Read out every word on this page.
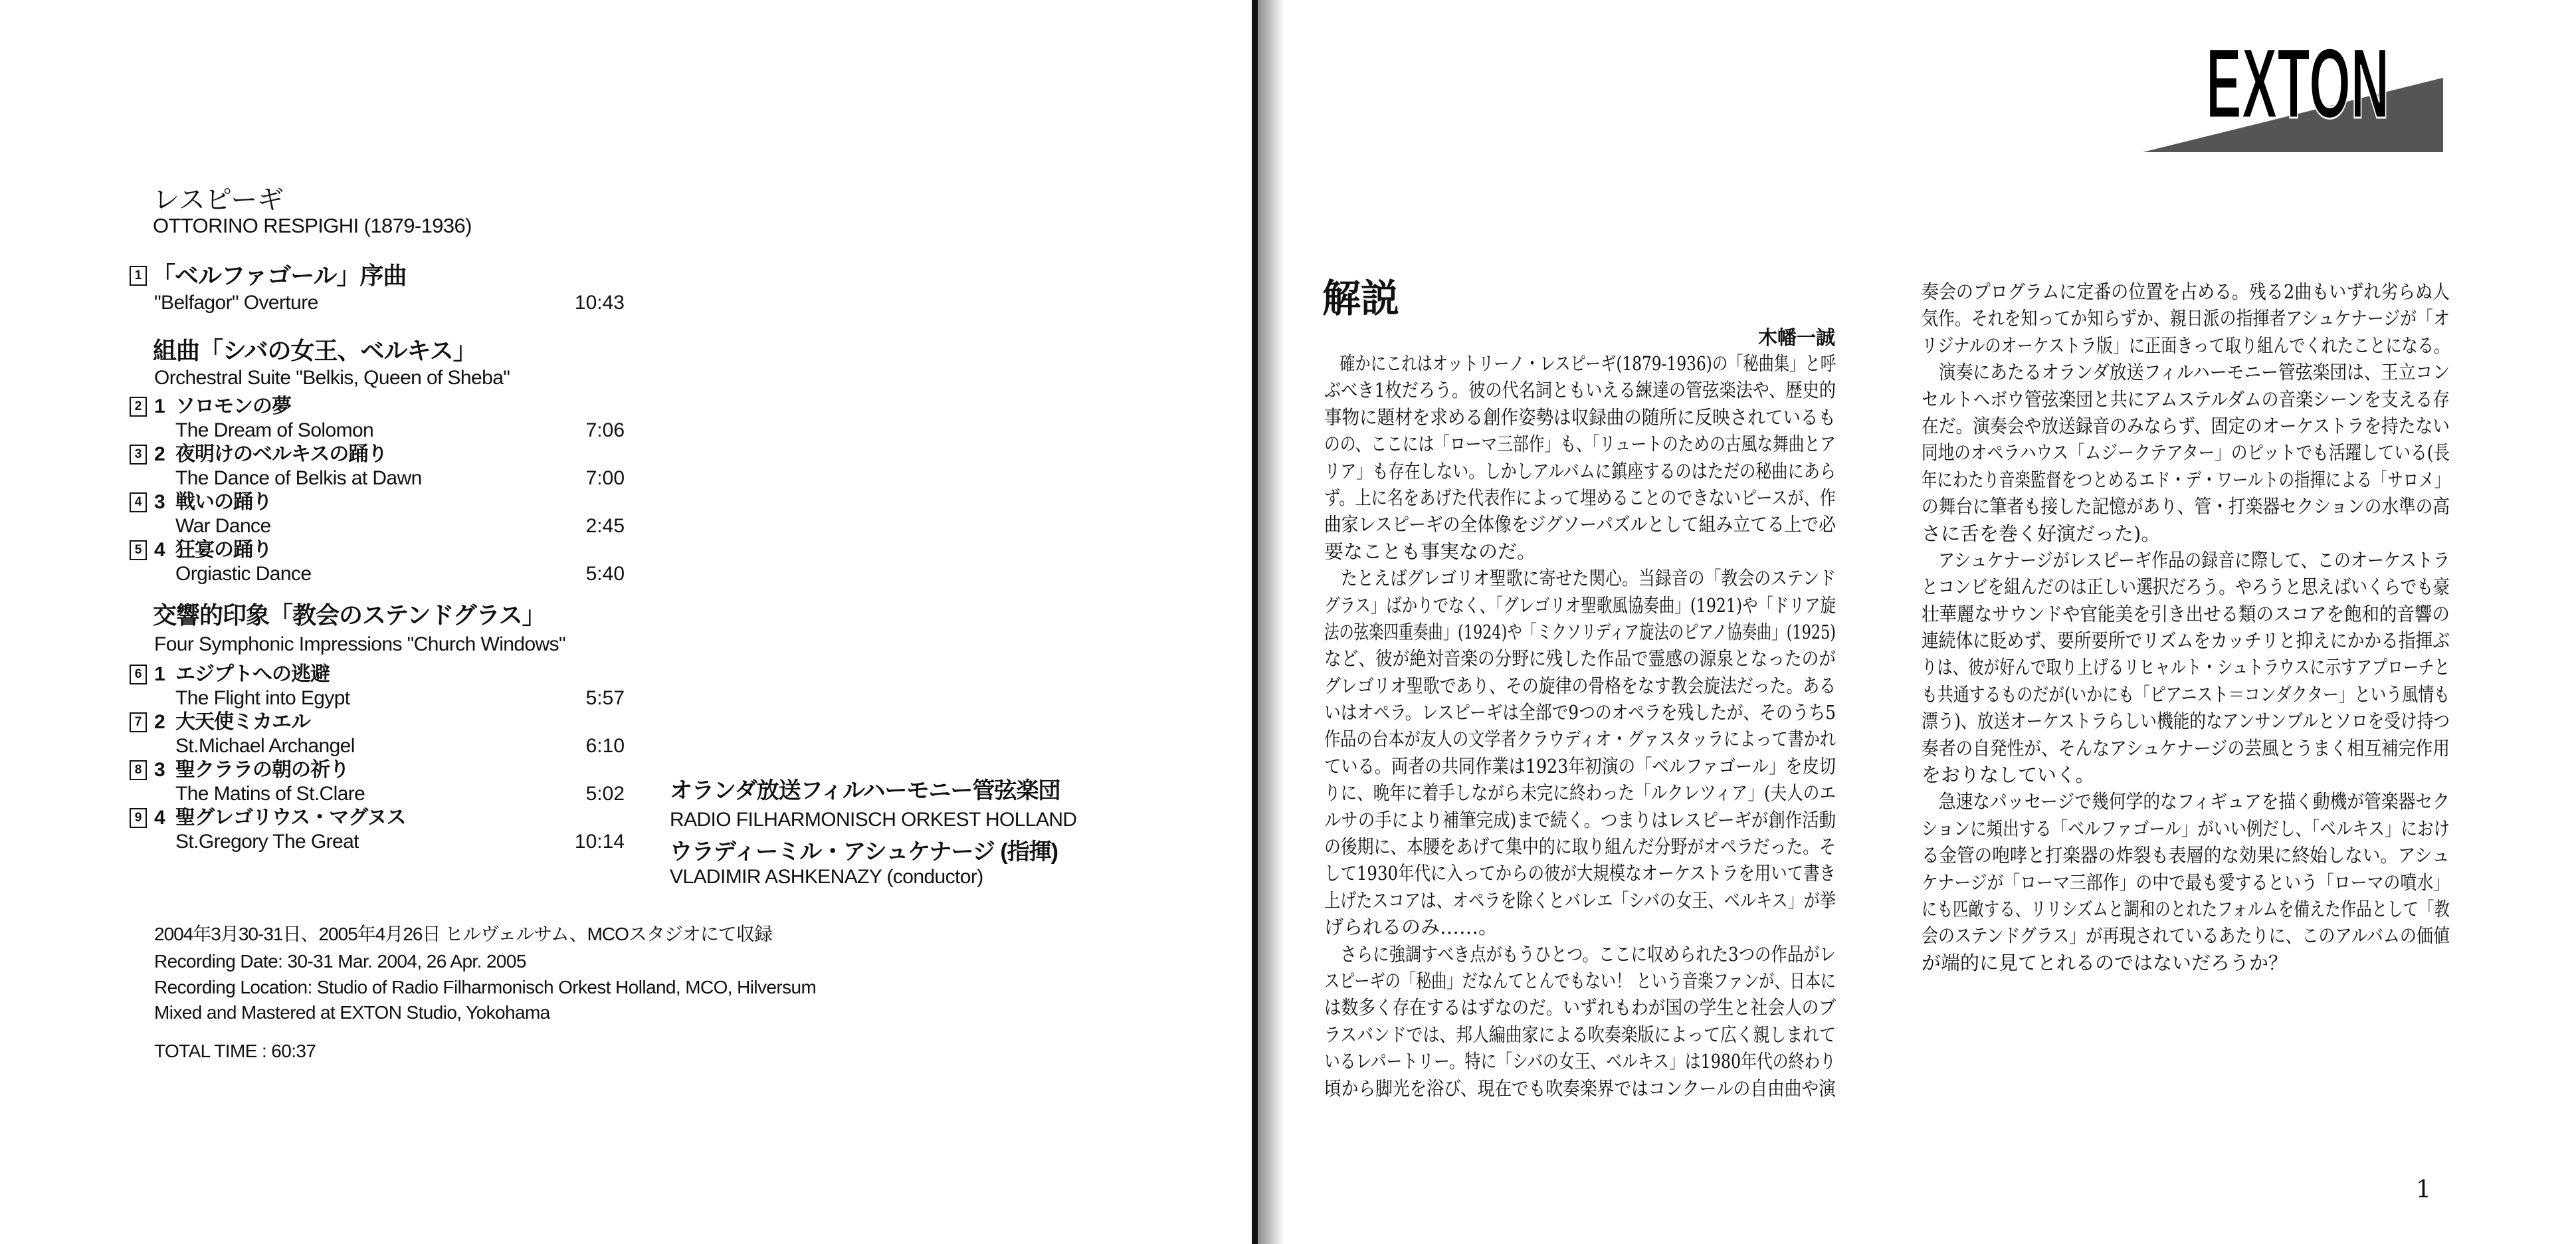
レスピーギ
OTTORINO RESPIGHI (1879-1936)
1 「ベルファゴール」序曲
"Belfagor" Overture	10:43
組曲「シバの女王、ベルキス」
Orchestral Suite "Belkis, Queen of Sheba"
2 1 ソロモンの夢
The Dream of Solomon	7:06
3 2 夜明けのベルキスの踊り
The Dance of Belkis at Dawn	7:00
4 3 戦いの踊り
War Dance	2:45
5 4 狂宴の踊り
Orgiastic Dance	5:40
交響的印象「教会のステンドグラス」
Four Symphonic Impressions "Church Windows"
6 1 エジプトへの逃避
The Flight into Egypt	5:57
7 2 大天使ミカエル
St.Michael Archangel	6:10
8 3 聖クララの朝の祈り
The Matins of St.Clare	5:02
9 4 聖グレゴリウス・マグヌス
St.Gregory The Great	10:14
オランダ放送フィルハーモニー管弦楽団
RADIO FILHARMONISCH ORKEST HOLLAND
ウラディーミル・アシュケナージ (指揮)
VLADIMIR ASHKENAZY (conductor)
2004年3月30-31日、2005年4月26日 ヒルヴェルサム、MCOスタジオにて収録
Recording Date: 30-31 Mar. 2004, 26 Apr. 2005
Recording Location: Studio of Radio Filharmonisch Orkest Holland, MCO, Hilversum
Mixed and Mastered at EXTON Studio, Yokohama
TOTAL TIME : 60:37
EXTON
解説
木幡一誠
　確かにこれはオットリーノ・レスピーギ(1879-1936)の「秘曲集」と呼
ぶべき1枚だろう。彼の代名詞ともいえる練達の管弦楽法や、歴史的
事物に題材を求める創作姿勢は収録曲の随所に反映されているも
のの、ここには「ローマ三部作」も、「リュートのための古風な舞曲とア
リア」も存在しない。しかしアルバムに鎮座するのはただの秘曲にあら
ず。上に名をあげた代表作によって埋めることのできないピースが、作
曲家レスピーギの全体像をジグソーパズルとして組み立てる上で必
要なことも事実なのだ。
　たとえばグレゴリオ聖歌に寄せた関心。当録音の「教会のステンド
グラス」ばかりでなく、「グレゴリオ聖歌風協奏曲」(1921)や「ドリア旋
法の弦楽四重奏曲」(1924)や「ミクソリディア旋法のピアノ協奏曲」(1925)
など、彼が絶対音楽の分野に残した作品で霊感の源泉となったのが
グレゴリオ聖歌であり、その旋律の骨格をなす教会旋法だった。ある
いはオペラ。レスピーギは全部で9つのオペラを残したが、そのうち5
作品の台本が友人の文学者クラウディオ・グァスタッラによって書かれ
ている。両者の共同作業は1923年初演の「ベルファゴール」を皮切
りに、晩年に着手しながら未完に終わった「ルクレツィア」(夫人のエ
ルサの手により補筆完成)まで続く。つまりはレスピーギが創作活動
の後期に、本腰をあげて集中的に取り組んだ分野がオペラだった。そ
して1930年代に入ってからの彼が大規模なオーケストラを用いて書き
上げたスコアは、オペラを除くとバレエ「シバの女王、ベルキス」が挙
げられるのみ……。
　さらに強調すべき点がもうひとつ。ここに収められた3つの作品がレ
スピーギの「秘曲」だなんてとんでもない！ という音楽ファンが、日本に
は数多く存在するはずなのだ。いずれもわが国の学生と社会人のブ
ラスバンドでは、邦人編曲家による吹奏楽版によって広く親しまれて
いるレパートリー。特に「シバの女王、ベルキス」は1980年代の終わり
頃から脚光を浴び、現在でも吹奏楽界ではコンクールの自由曲や演
奏会のプログラムに定番の位置を占める。残る2曲もいずれ劣らぬ人
気作。それを知ってか知らずか、親日派の指揮者アシュケナージが「オ
リジナルのオーケストラ版」に正面きって取り組んでくれたことになる。
　演奏にあたるオランダ放送フィルハーモニー管弦楽団は、王立コン
セルトヘボウ管弦楽団と共にアムステルダムの音楽シーンを支える存
在だ。演奏会や放送録音のみならず、固定のオーケストラを持たない
同地のオペラハウス「ムジークテアター」のピットでも活躍している(長
年にわたり音楽監督をつとめるエド・デ・ワールトの指揮による「サロメ」
の舞台に筆者も接した記憶があり、管・打楽器セクションの水準の高
さに舌を巻く好演だった)。
　アシュケナージがレスピーギ作品の録音に際して、このオーケストラ
とコンビを組んだのは正しい選択だろう。やろうと思えばいくらでも豪
壮華麗なサウンドや官能美を引き出せる類のスコアを飽和的音響の
連続体に貶めず、要所要所でリズムをカッチリと抑えにかかる指揮ぶ
りは、彼が好んで取り上げるリヒャルト・シュトラウスに示すアプローチと
も共通するものだが(いかにも「ピアニスト＝コンダクター」という風情も
漂う)、放送オーケストラらしい機能的なアンサンブルとソロを受け持つ
奏者の自発性が、そんなアシュケナージの芸風とうまく相互補完作用
をおりなしていく。
　急速なパッセージで幾何学的なフィギュアを描く動機が管楽器セク
ションに頻出する「ベルファゴール」がいい例だし、「ベルキス」におけ
る金管の咆哮と打楽器の炸裂も表層的な効果に終始しない。アシュ
ケナージが「ローマ三部作」の中で最も愛するという「ローマの噴水」
にも匹敵する、リリシズムと調和のとれたフォルムを備えた作品として「教
会のステンドグラス」が再現されているあたりに、このアルバムの価値
が端的に見てとれるのではないだろうか？
1
